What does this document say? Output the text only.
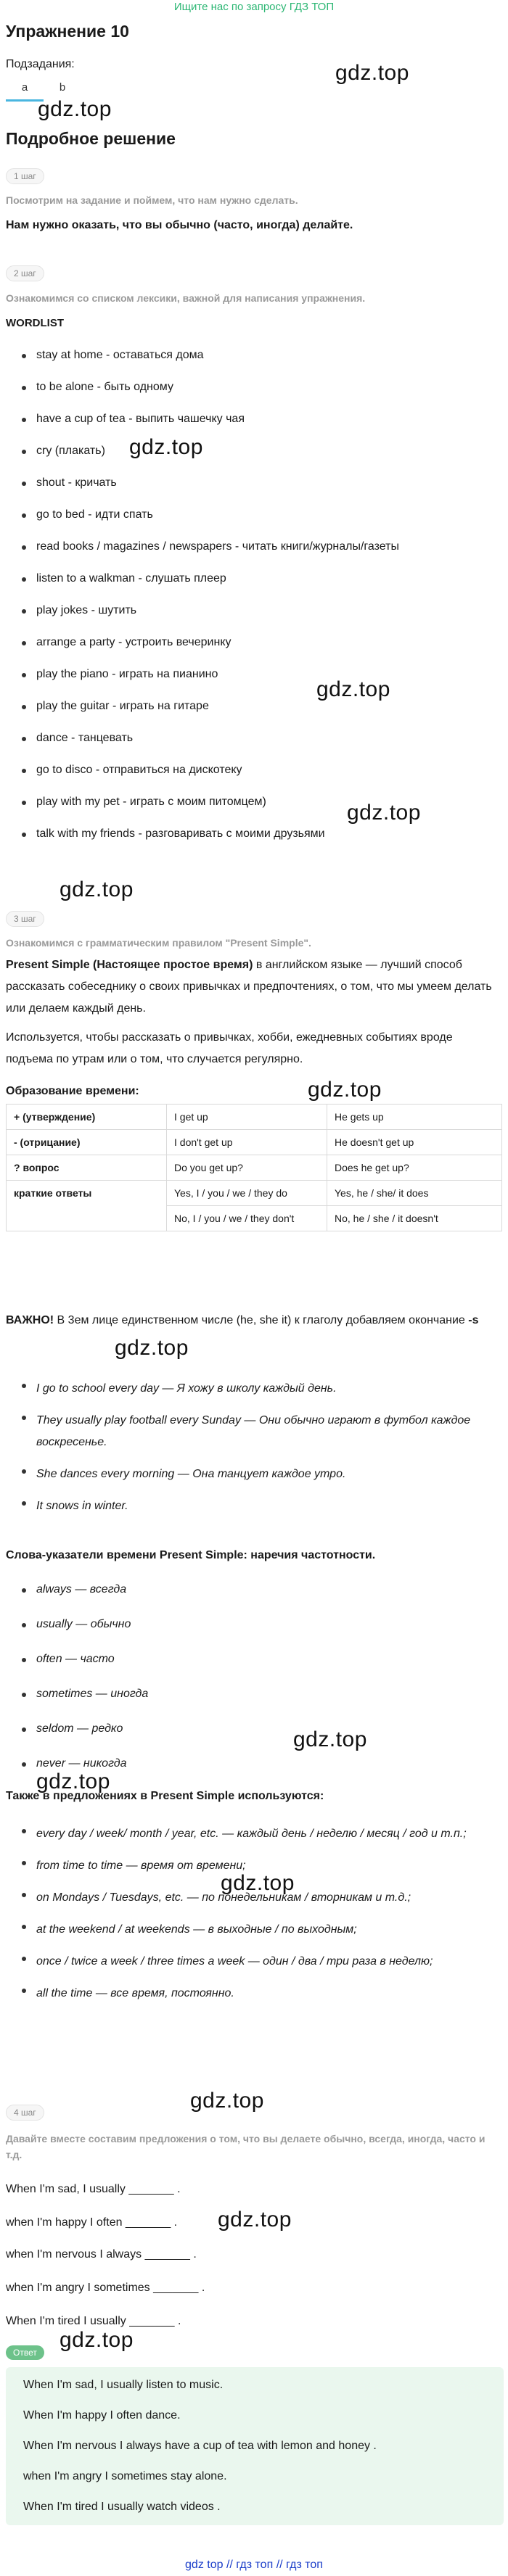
Ищите нас по запросу ГДЗ ТОП
Упражнение 10
Подзадания:
a	b
Подробное решение
1 шаг
Посмотрим на задание и поймем, что нам нужно сделать.
Нам нужно оказать, что вы обычно (часто, иногда) делайте.
2 шаг
Ознакомимся со списком лексики, важной для написания упражнения.
WORDLIST
stay at home - оставаться дома
to be alone - быть одному
have a cup of tea - выпить чашечку чая
cry (плакать)
shout - кричать
go to bed - идти спать
read books / magazines / newspapers - читать книги/журналы/газеты
listen to a walkman - слушать плеер
play jokes - шутить
arrange a party - устроить вечеринку
play the piano - играть на пианино
play the guitar - играть на гитаре
dance - танцевать
go to disco - отправиться на дискотеку
play with my pet - играть с моим питомцем)
talk with my friends - разговаривать с моими друзьями
3 шаг
Ознакомимся с грамматическим правилом "Present Simple".
Present Simple (Настоящее простое время) в английском языке — лучший способ рассказать собеседнику о своих привычках и предпочтениях, о том, что мы умеем делать или делаем каждый день.
Используется, чтобы рассказать о привычках, хобби, ежедневных событиях вроде подъема по утрам или о том, что случается регулярно.
Образование времени:
+ (утверждение)	I get up	He gets up
- (отрицание)	I don't get up	He doesn't get up
? вопрос	Do you get up?	Does he get up?
краткие ответы	Yes, I / you / we / they do	Yes, he / she/ it does
	No, I / you / we / they don't	No, he / she / it doesn't
ВАЖНО! В 3ем лице единственном числе (he, she it) к глаголу добавляем окончание -s
I go to school every day — Я хожу в школу каждый день.
They usually play football every Sunday — Они обычно играют в футбол каждое воскресенье.
She dances every morning — Она танцует каждое утро.
It snows in winter.
Слова-указатели времени Present Simple: наречия частотности.
always — всегда
usually — обычно
often — часто
sometimes — иногда
seldom — редко
never — никогда
Также в предложениях в Present Simple используются:
every day / week/ month / year, etc. — каждый день / неделю / месяц / год и т.п.;
from time to time — время от времени;
on Mondays / Tuesdays, etc. — по понедельникам / вторникам и т.д.;
at the weekend / at weekends — в выходные / по выходным;
once / twice a week / three times a week — один / два / три раза в неделю;
all the time — все время, постоянно.
4 шаг
Давайте вместе составим предложения о том, что вы делаете обычно, всегда, иногда, часто и т.д.
When I'm sad, I usually _______ .
when I'm happy I often _______ .
when I'm nervous I always _______ .
when I'm angry I sometimes _______ .
When I'm tired I usually _______ .
Ответ
When I'm sad, I usually listen to music.
When I'm happy I often dance.
When I'm nervous I always have a cup of tea with lemon and honey .
when I'm angry I sometimes stay alone.
When I'm tired I usually watch videos .
gdz top // гдз топ // гдз топ
gdz.top
gdz.top
gdz.top
gdz.top
gdz.top
gdz.top
gdz.top
gdz.top
gdz.top
gdz.top
gdz.top
gdz.top
gdz.top
gdz.top
